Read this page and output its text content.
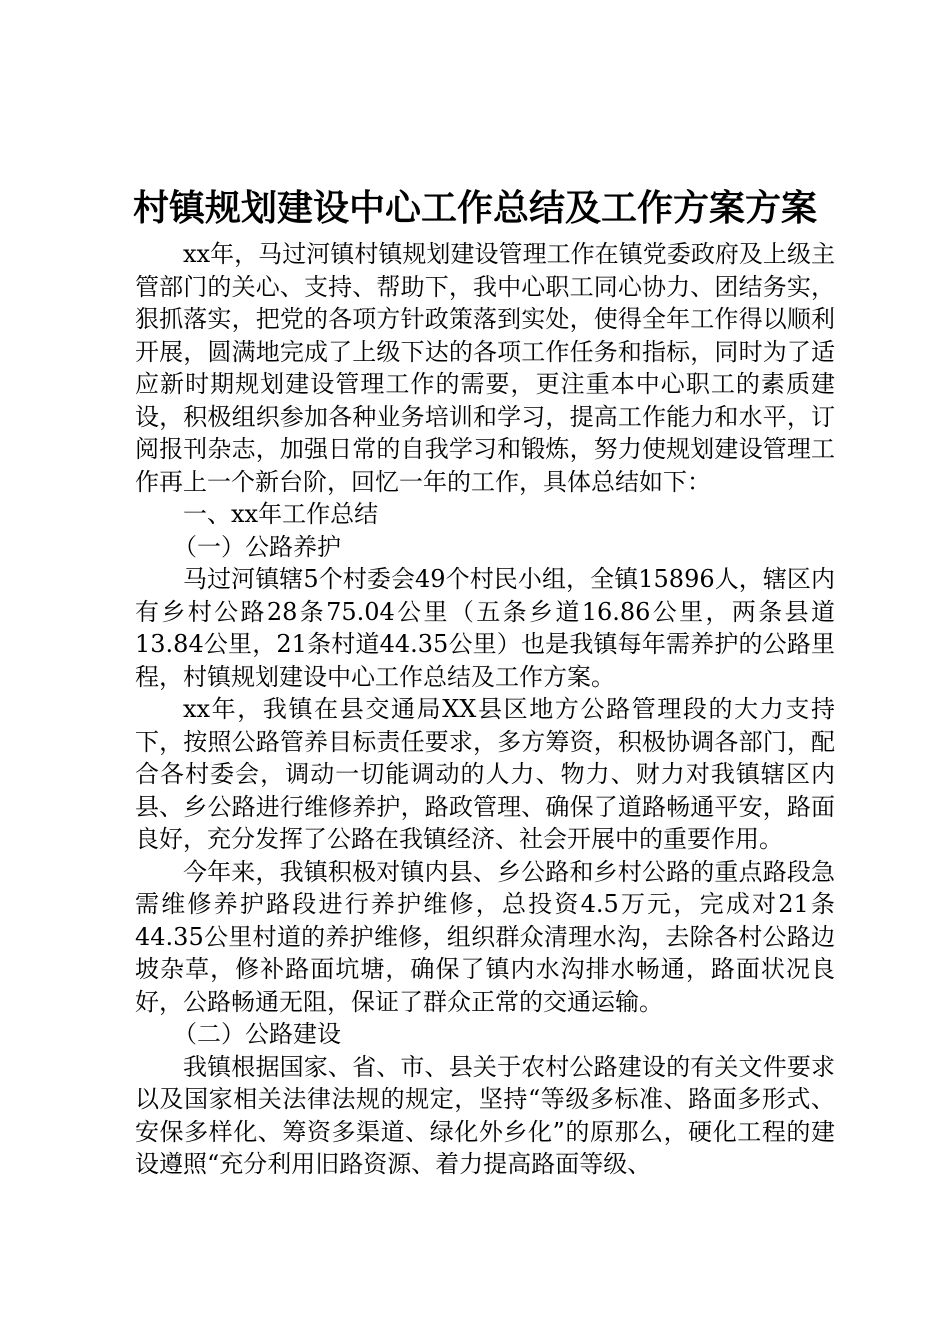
村镇规划建设中心工作总结及工作方案方案

xx年，马过河镇村镇规划建设管理工作在镇党委政府及上级主管部门的关心、支持、帮助下，我中心职工同心协力、团结务实，狠抓落实，把党的各项方针政策落到实处，使得全年工作得以顺利开展，圆满地完成了上级下达的各项工作任务和指标，同时为了适应新时期规划建设管理工作的需要，更注重本中心职工的素质建设，积极组织参加各种业务培训和学习，提高工作能力和水平，订阅报刊杂志，加强日常的自我学习和锻炼，努力使规划建设管理工作再上一个新台阶，回忆一年的工作，具体总结如下：

一、xx年工作总结

（一）公路养护

马过河镇辖5个村委会49个村民小组，全镇15896人，辖区内有乡村公路28条75.04公里（五条乡道16.86公里，两条县道13.84公里，21条村道44.35公里）也是我镇每年需养护的公路里程，村镇规划建设中心工作总结及工作方案。

xx年，我镇在县交通局XX县区地方公路管理段的大力支持下，按照公路管养目标责任要求，多方筹资，积极协调各部门，配合各村委会，调动一切能调动的人力、物力、财力对我镇辖区内县、乡公路进行维修养护，路政管理、确保了道路畅通平安，路面良好，充分发挥了公路在我镇经济、社会开展中的重要作用。

今年来，我镇积极对镇内县、乡公路和乡村公路的重点路段急需维修养护路段进行养护维修，总投资4.5万元，完成对21条44.35公里村道的养护维修，组织群众清理水沟，去除各村公路边坡杂草，修补路面坑塘，确保了镇内水沟排水畅通，路面状况良好，公路畅通无阻，保证了群众正常的交通运输。

（二）公路建设

我镇根据国家、省、市、县关于农村公路建设的有关文件要求以及国家相关法律法规的规定，坚持“等级多标准、路面多形式、安保多样化、筹资多渠道、绿化外乡化”的原那么，硬化工程的建设遵照“充分利用旧路资源、着力提高路面等级、
